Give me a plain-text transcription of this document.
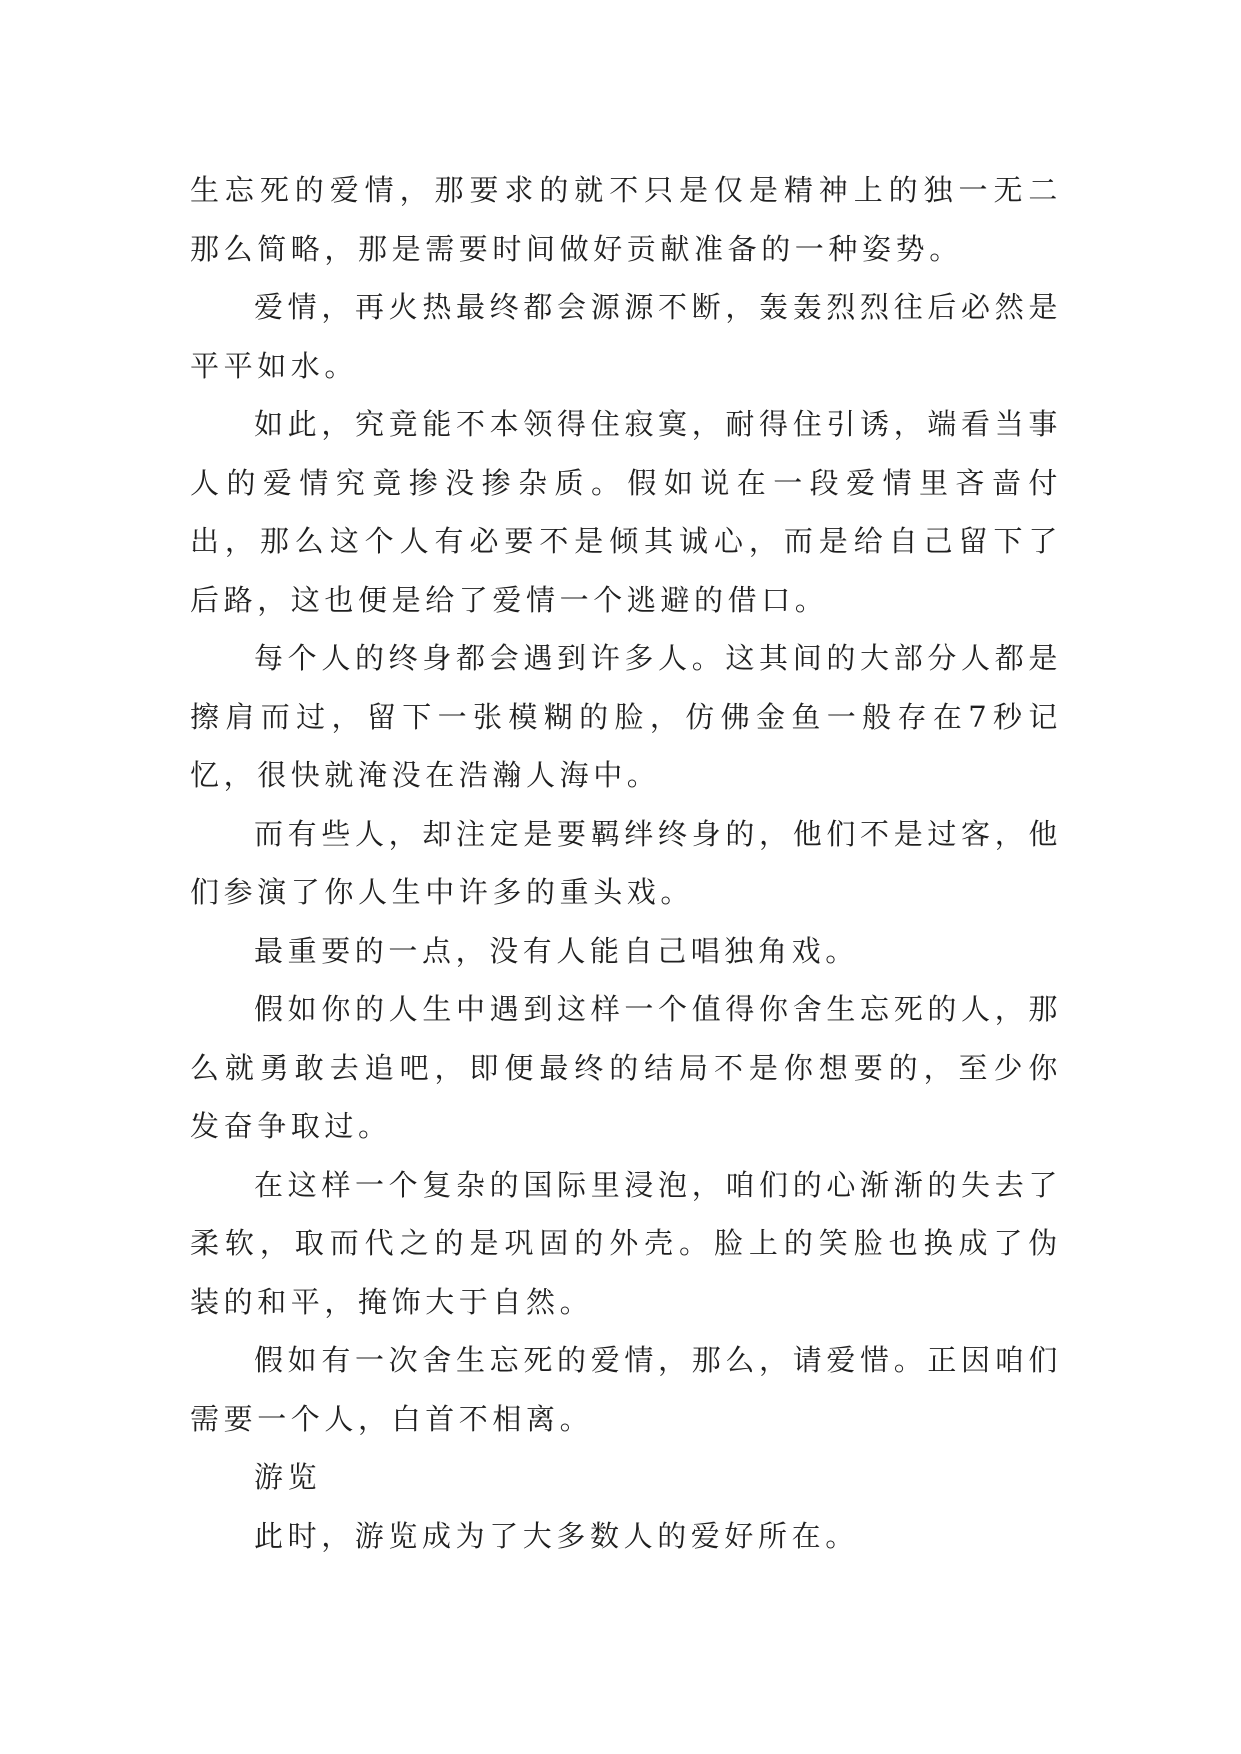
生忘死的爱情，那要求的就不只是仅是精神上的独一无二那么简略，那是需要时间做好贡献准备的一种姿势。

爱情，再火热最终都会源源不断，轰轰烈烈往后必然是平平如水。

如此，究竟能不本领得住寂寞，耐得住引诱，端看当事人的爱情究竟掺没掺杂质。假如说在一段爱情里吝啬付出，那么这个人有必要不是倾其诚心，而是给自己留下了后路，这也便是给了爱情一个逃避的借口。

每个人的终身都会遇到许多人。这其间的大部分人都是擦肩而过，留下一张模糊的脸，仿佛金鱼一般存在7秒记忆，很快就淹没在浩瀚人海中。

而有些人，却注定是要羁绊终身的，他们不是过客，他们参演了你人生中许多的重头戏。

最重要的一点，没有人能自己唱独角戏。

假如你的人生中遇到这样一个值得你舍生忘死的人，那么就勇敢去追吧，即便最终的结局不是你想要的，至少你发奋争取过。

在这样一个复杂的国际里浸泡，咱们的心渐渐的失去了柔软，取而代之的是巩固的外壳。脸上的笑脸也换成了伪装的和平，掩饰大于自然。

假如有一次舍生忘死的爱情，那么，请爱惜。正因咱们需要一个人，白首不相离。

游览

此时，游览成为了大多数人的爱好所在。
